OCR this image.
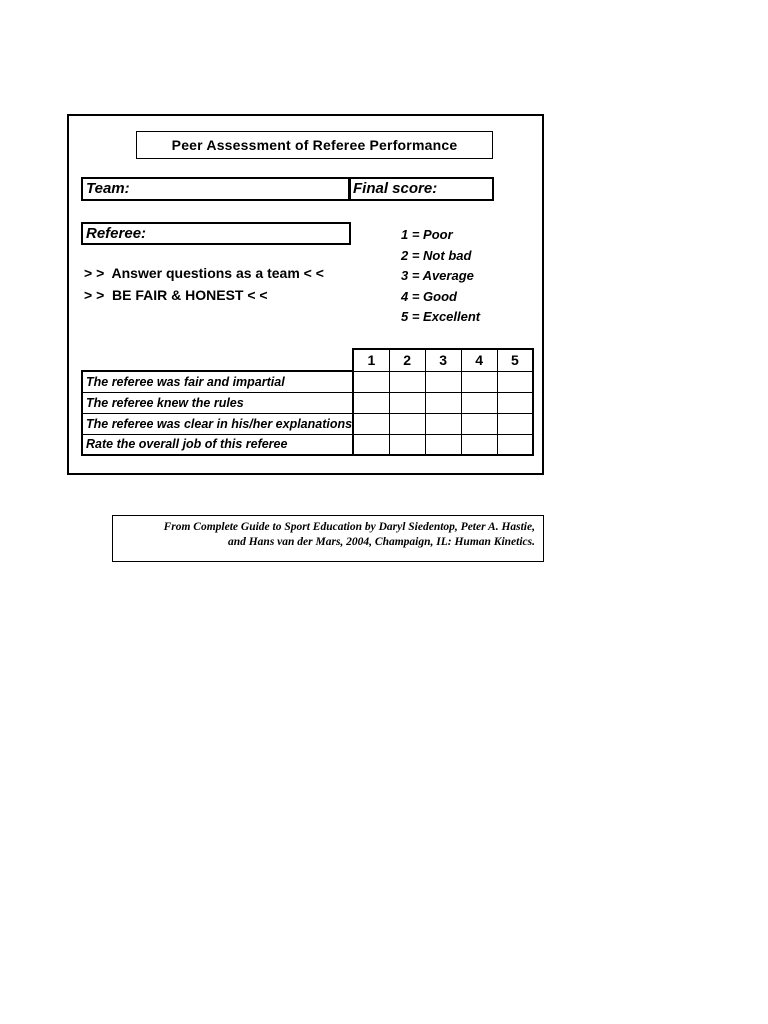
Peer Assessment of Referee Performance
Team:	Final score:
Referee:
> >  Answer questions as a team < <
> >  BE FAIR & HONEST < <
1 = Poor
2 = Not bad
3 = Average
4 = Good
5 = Excellent
	1	2	3	4	5
The referee was fair and impartial					
The referee knew the rules					
The referee was clear in his/her explanations					
Rate the overall job of this referee					
From Complete Guide to Sport Education by Daryl Siedentop, Peter A. Hastie,
and Hans van der Mars, 2004, Champaign, IL: Human Kinetics.
